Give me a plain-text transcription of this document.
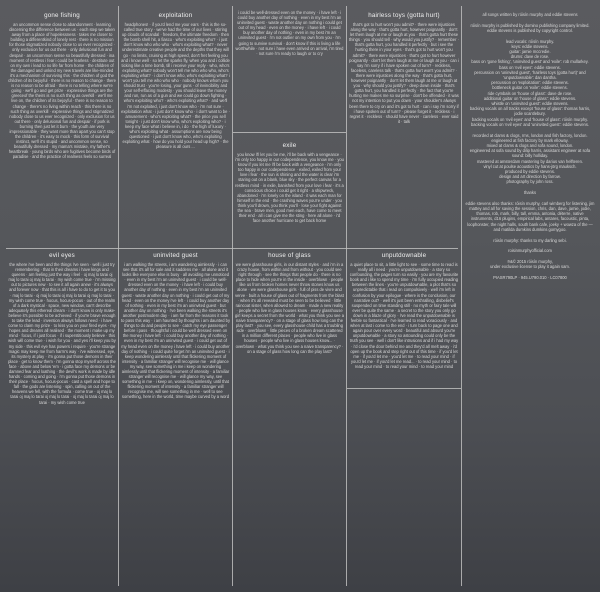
gone fishing
an uncommon sense close to abandonment · learning discerning the difference between us · each step we taken away from a place of hopelessness · takes me closer to building a differentkind of lonely rest · there is no mission for those stigmatized nobody close to us ever recognized · only exclusion for us out there · only delusional fun and despair · an uncommon sense so beautifully dressed · ina moment of restless i fear i could be fearless · destitute out on my own i lead to no life far from home · the children of the damaged and unkind my new travels are like-minded it's a mechanism of surviving this · the children of god the children of its bejoyful · there is no reason to change · there is no reason to be afraid · there is no telling where we're going · we'll go and get prize · expressive things are the greeceof the theirs is no such thing as overkill · we'll me live on, the children of its bejoyful · there is no reason to change · there's no living within reach · this there is no such thing as overkill · expressive things and stigmatized nobody close to us ever recognized · only exclusion for us out there · only delusional fun and despair · if pork is burning then just let it burn · the youth are very impressionable · they want more than apart you can't stop the children · it's easy to mock · this form of survival instinct, we'll it's stupid · and uncommon sense, so beautifully dressed · my mama's mistake, my father's heartbreak · young birds who are fugitives become birds of paradise · and the practice of realness feels so surreal
exploitation
headphones! · if you'd lend me your ears · this is the so-called true story · we've had the time of our lives · stirring up clouds of scandal · freedom, the ultimate freedom · then the bomb shell hit, a fiasco · who's exploiting who? · i just don't know who who who · who's exploiting what? · never underestimate creative people and the depths that they will go · no limits, cruising at high speed, don't fret feeling you and i know well · so let the sparks fly, when you and i collide ticking like a time bomb, till i receive your reply · who, who's exploiting what? nobody won't tell me who who who, who's exploiting what? · i don't know who, who's exploiting what? i won't you tell me who who who · nobody knows whom you should trust · you're losing, your guns · of invincibility and your self-effacing modesty · you should leave the money and run, run as of a gun and we could go down fighting · who's exploiting who? · who's exploiting what? · and we'll i'm not exploited, i just don't know who · i'm not sure · exploitation what · i just don't know who · i don't want to be · amusement · who's exploiting what? · the price you sell tonight · i just don't know who, who's exploiting who? · i keep my face what i believe in, i do · the high of luxury · who's exploiting what · assumptions are now being questioned · i just don't know who, who's exploiting exploiting what · how do you hold your head up high? · the pleasure is all ours ...
i could be well-dressed even on the money · i have left · i could buy another day of nothing · even in my best i'm an uninvited guest · waste another day on nothing i could get out of my head · even on the money · i have left · i could buy another day of nothing · even in my best i'm an uninvited guest · i'm not outlier on my own from you · i'm going to survive survival · don't know if this is living a life worthwhile · not sure i have even arrived on arrival, i'm tired · not sure i'm ready to laugh or to cry
exile
you know i'll let you be me, i'll be back with a vengeance · i'm only too happy in our codependence, you know me · you know if you let me i'll be back with a vengeance · i'm only too happy in our codependence · exiled, exiled from your love i fear · the sun is shining and the water is clear i'm staring out on a blank, blue sky · the perfect canvas for a restless mind · in exile, banished from your love i fear · it's a conscious choice i could get it right · a shipwreck, abandoned · i'm lonely on the island · it was each man for himself in the end · the crashing waves you're under · you think you'll drown, you think you'll · lose your fight against the sea · brave men, good men each, have come to meet their end · all i can give me the sting · here all alone · i'd face another hurricane to get back home
hairless toys (gotta hurt)
that's got to hurt won't you admit? · there were injustices along the way · that's gotta hurt, however poignantly · don't let them laugh at me or laugh at you · that's gotta hurt these things · you should tell · why would you justify? · remember · that's gotta hurt, you handled it perfectly · but i see the hurting there in your eyes · that's got to hurt won't you admit? · there were injustices · that's got to hurt however poignantly · don't let them laugh at me or laugh at you · can i say i'm sorry if i have spoken out of turn? · reckless, faceless, careless talk · that's gotta hurt won't you admit? · there were injustices along the way · that's gotta hurt, however poignantly · don't let them laugh at me or laugh at you · why should you justify? · deep down inside · that's gotta hurt, you handled it perfectly · the fact that you're hurting me makes me so surprise · don't be offended · it was not my intention to put you down · your shoulder's always been there to cry on and it's got to hurt · can i say i'm sorry if i have spoken out of turn? · please forget it · reckless · i regret it · reckless · should have never · careless · ever said it · talk
evil eyes
the where i've been and the things i've seen · well i just try remembering · that in their dreams i have kings and queens · am feeling just the way i feel · oj maj lo tarai oj maj lo tarai oj maj lo tarai · my wish come true · i'm missing out to pictures new · to see it all again anew · it's always and forever now · that this is all i have to do to get it to you · maj lo tarai · oj maj lo tarai oj maj lo tarai oj maj lo tarai · my wish come true · hocus, hocus-pocus · out of the realm of a dark mystical · space, new window, can't describe adequately this ethereal dream · i don't know is only make-believe it's possible to be achieved · if you're brave enough to take the lead · invention always follows need · i have come to claim my prize · to kiss you on your fired eyes · my hopes and dreams all realised · the moment i make up my mind · focus, if i just focus · if i superstitiously believe · this wish will come true · i wish for you · and yes i'll keep you by my side · this evil eye has powers i require · you're strange magic may keep me from harm's way · i've witnessed, eye, its mystery at play · i'm gonna put those demons in their place · get to know them · i'm gonna stop myself across the face · above and below 'em · i gotta face my demons or be damned fear and loathing · the devil's work is made by idle hands · coming and going · i'm gonna put those demons in their place · hocus, hocus-pocus · cast a spell and hope to fall · the gods are listening · spin, calling on out of the heavens we fell, with the formula · come true · oj maj lo tarai oj maj lo tarai oj maj lo tarai · oj maj lo tarai oj maj lo tarai · my wish come true
uninvited guest
i am walking the streets, i am wandering aimlessly · i can see that it's all for sale and it saddens me · all alone and it looks like everyone else is busy · all avoiding me unnoticed · even in my best i'm an uninvited guest · i could be well-dressed even on the money · i have left · i could buy another day of nothing · even in my best i'm an uninvited guest · waste another day on nothing · i could get out of my head · even on the money i've left · i could buy another day of nothing · even in my best i'm an uninvited guest · but another day on nothing · i've been walking the streets it's another postmodern day · i am far from the reasons it took to pass this way · i am haunted by thoughts i am daunted by things to do and people to see · catch my eye passenger before i pass · thoughtful i could be well dressed even on the money i have left · i could buy another day of nothing · even in my best i'm an uninvited guest · i could get out of my head even on the money i have left · i could buy another day of nothing · i could quite forget i'm an uninvited guest · i keep wondering aimlessly until that flickering moment of intensity · a familiar stranger will recognise me · will glance my way, see something in me i keep on wondering aimlessly until that flickering moment of intensity · a familiar stranger will recognise me · will glance my way, see something in me · i keep on, wondering aimlessly, until that flickering moment of intensity · a familiar stranger will recognise me, will see something in me · well to see something, here in the world, time maybe curved by a word
house of glass
we were glasshouse girls, in our distant styles · and i'm in a crazy house, from within and from without · you could see right through · see the things that people do · there is no place to hide when you're in the inside · overblown · people like us from broken homes never throw stones know us alone · we were glasshouse girls · full of piss de vivre and verve · built a house of glass out of fragments from the blast · when it's all revealed must be seen to be believed · little raincoat sister, when allowed to dream · made a new reality · people who live in glass houses know · every glasshouse girl keeps a secret from the world · what you think you see a naive transparency? · on a stage of glass how long can the play last? · you see, every glasshouse child has a troubling side · overblown · little pieces of a broken dream scattered in a million different places · people who live in glass houses · people who live in glass houses know... · overblown · what you think you see a naive transparency? · on a stage of glass how long can the play last?
unputdownable
a quiet place to sit, a little light to see · some time to read is really all i need · you're unputdownable · a story so confounding, the pages turn so easily · you are my favourite book and i like to spend my time · i'm fully occupied reading between the lines · you're unputdownable, a plot that's so unpredictable that i read on compulsively · well i'm left in confusion by your epilogue · where is the conclusion, our narrative out? · well it's just been enthralling, disbelief's suspended on time standing still · no myth or fairy tale will ever be quite the same · a secret to the story you only go down in a blaze of glory · i've read the unputdownable is feeble so fantastical · i've learned to read voraciously · and when at last i come to the end · i turn back to page one and again pour over every word · beautiful and absurd you're unputdownable · a story so astounding could only be the truth you see · well i don't like intrusions and if i had my way · i'd close the door behind me and they'd all melt away · i'd open up the book and step right out of this time · if you'd let me · if you'd let me · you'd let me · to read your mind · if you'd let me · if you'd let me read... · to read your mind · to read your mind · to read your mind · to read your mind

all songs written by róisín murphy and eddie stevens

róisín murphy is published by domino publishing company limited. eddie stevens is published by copyright control.

lead vocals: róisín murphy.
keys: eddie stevens.
guitar: jamie mccredie.
drums: dave de rose.
bass on 'gone fishing', 'uninvited guest' and 'exile': rob mullarkey.
bass on 'evil eyes': eddie stevens.
percussion on 'uninvited guest', 'hairless toys (gotta hurt)' and 'unputdownable': dan dantha.
percussion on 'exploitation': eddie stevens.
bottleneck guitar on 'exile': eddie stevens.
ride cymbals on 'house of glass': dave de rose.
additional guitar on 'house of glass': eddie stevens.
whistle on 'uninvited guest': eddie stevens.
backing vocals on all tracks except 'house of glass': thomas harris, jodie scantlebury.
backing vocals on 'evil eyes' and 'house of glass': róisín murphy.
backing vocals on 'evil eyes' and 'uninvited guest': eddie stevens.

recorded at clams & clogs, rms, london and fish factory, london.
engineered at fish factory by mark elloway.
mixed at clams & clogs and sofa sound, london.
engineered at sofa sound by dilip harris, assistant engineer at sofa sound: billy holliday.
mastered at amsterdam mastering by darius van helfteren.
vinyl cut at poulse acoustics by hans-jörg mauksch.
produced by eddie stevens.
design and art direction by farrow.
photography by john ross.

thanks

eddie stevens also thanks: róisín murphy, carl wimberg for listening, jim mattey and all for saving the session, chris, dan, dave, jamie, jodie, thomas, rob, mark, billy, tall, emma, antonia, déterre, native instruments, d16 plugins, empirical labs, antares, facoustic, pinta, loophonster, the night halls, south bank cafe, joeky + wowza of the — and matilda dumkins dumkins gomygoo.

róisín murphy: thanks to my darling sebi.

roisinmurphyofficial.com

℗&© 2015 róisín murphy,
under exclusive license to play it again sam.

PIASR790LP · 945.U790.010 · LC07800
